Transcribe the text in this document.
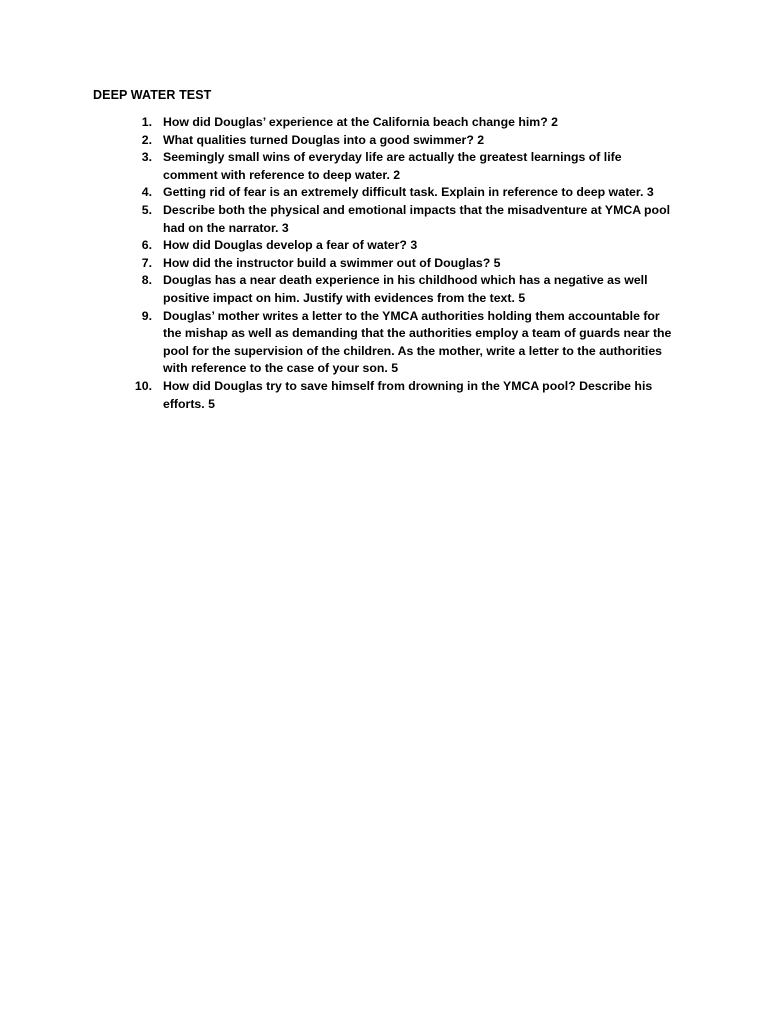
DEEP WATER TEST
1. How did Douglas’ experience at the California beach change him? 2
2. What qualities turned Douglas into a good swimmer? 2
3. Seemingly small wins of everyday life are actually the greatest learnings of life comment with reference to deep water. 2
4. Getting rid of fear is an extremely difficult task. Explain in reference to deep water. 3
5. Describe both the physical and emotional impacts that the misadventure at YMCA pool had on the narrator. 3
6. How did Douglas develop a fear of water? 3
7. How did the instructor build a swimmer out of Douglas? 5
8. Douglas has a near death experience in his childhood which has a negative as well positive impact on him. Justify with evidences from the text. 5
9. Douglas’ mother writes a letter to the YMCA authorities holding them accountable for the mishap as well as demanding that the authorities employ a team of guards near the pool for the supervision of the children. As the mother, write a letter to the authorities with reference to the case of your son. 5
10. How did Douglas try to save himself from drowning in the YMCA pool? Describe his efforts. 5
